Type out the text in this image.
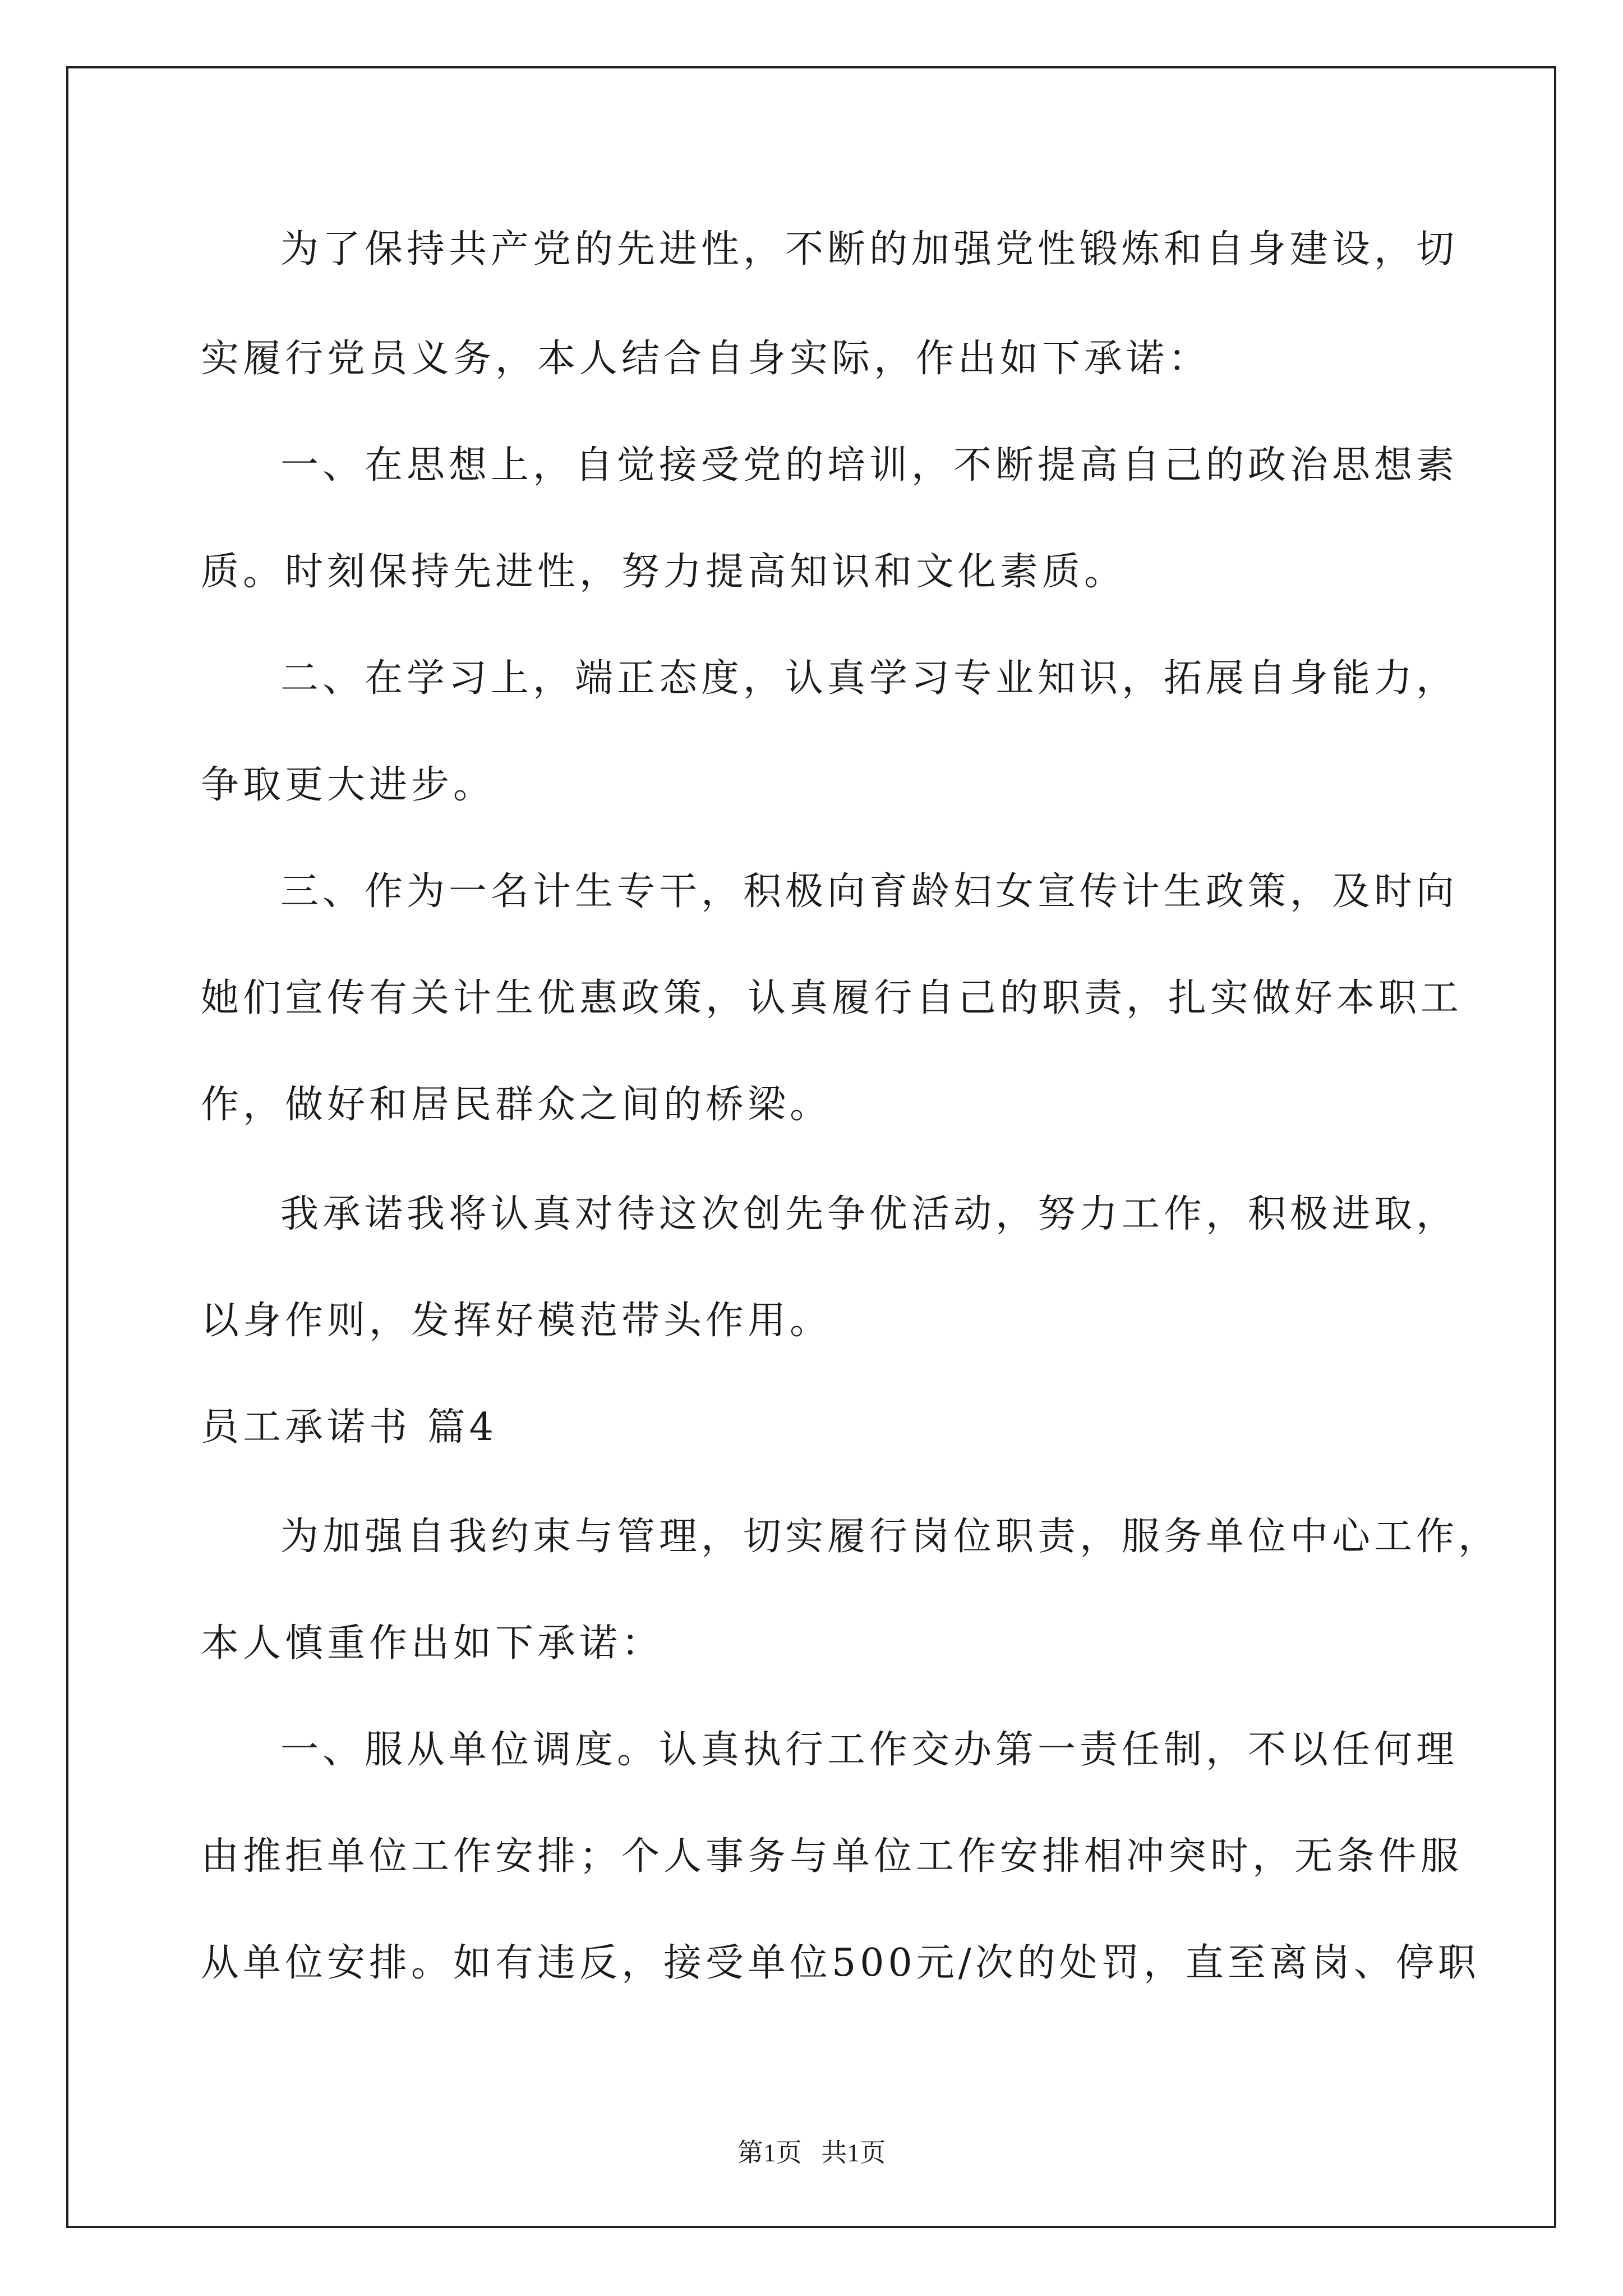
为了保持共产党的先进性，不断的加强党性锻炼和自身建设，切
实履行党员义务，本人结合自身实际，作出如下承诺：
一、在思想上，自觉接受党的培训，不断提高自己的政治思想素
质。时刻保持先进性，努力提高知识和文化素质。
二、在学习上，端正态度，认真学习专业知识，拓展自身能力，
争取更大进步。
三、作为一名计生专干，积极向育龄妇女宣传计生政策，及时向
她们宣传有关计生优惠政策，认真履行自己的职责，扎实做好本职工
作，做好和居民群众之间的桥梁。
我承诺我将认真对待这次创先争优活动，努力工作，积极进取，
以身作则，发挥好模范带头作用。
员工承诺书 篇4
为加强自我约束与管理，切实履行岗位职责，服务单位中心工作，
本人慎重作出如下承诺：
一、服从单位调度。认真执行工作交办第一责任制，不以任何理
由推拒单位工作安排；个人事务与单位工作安排相冲突时，无条件服
从单位安排。如有违反，接受单位500元/次的处罚，直至离岗、停职
第1页   共1页
